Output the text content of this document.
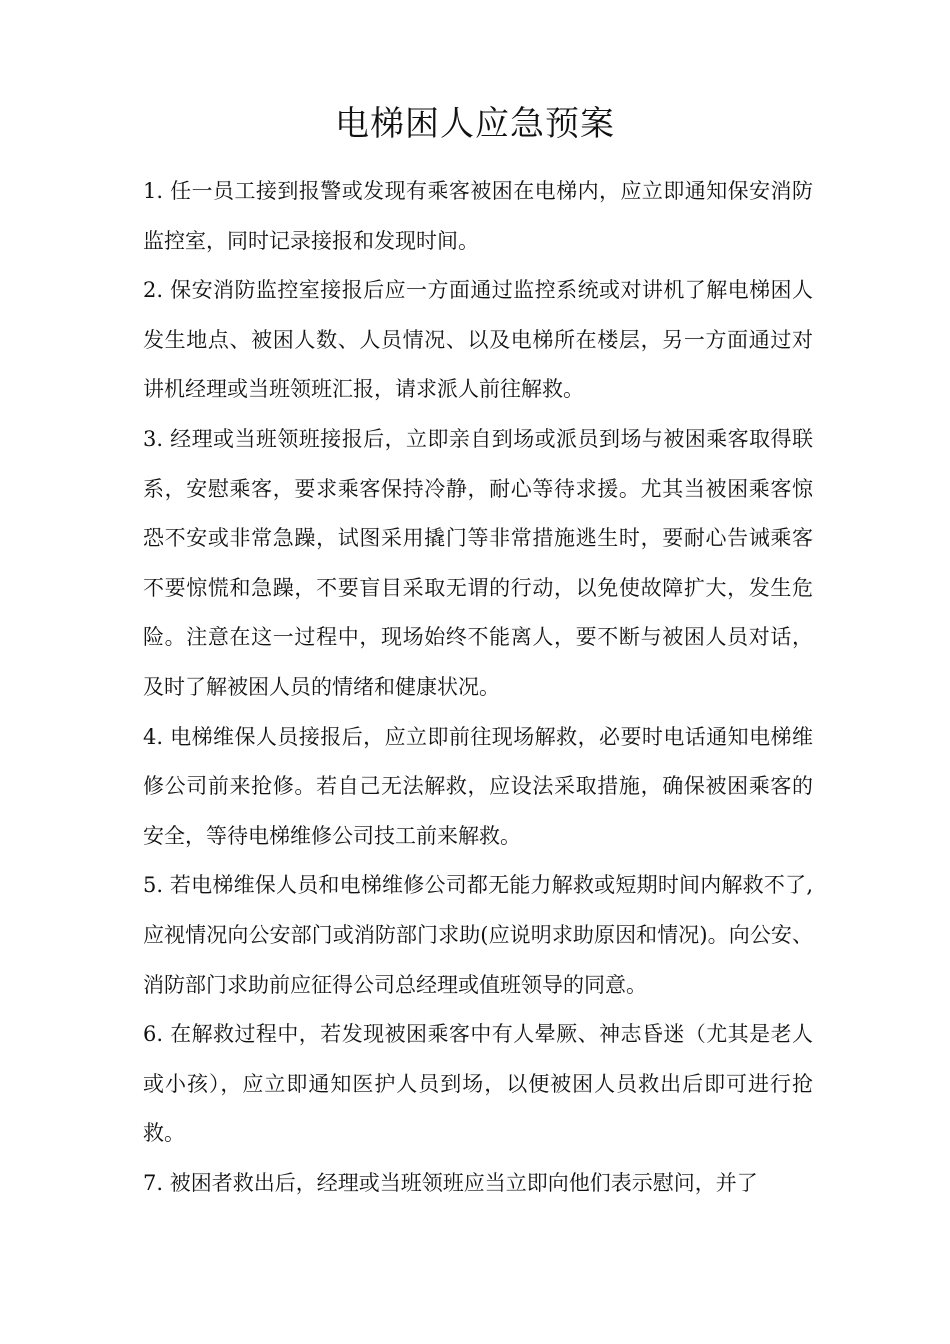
电梯困人应急预案

1. 任一员工接到报警或发现有乘客被困在电梯内，应立即通知保安消防监控室，同时记录接报和发现时间。

2. 保安消防监控室接报后应一方面通过监控系统或对讲机了解电梯困人发生地点、被困人数、人员情况、以及电梯所在楼层，另一方面通过对讲机经理或当班领班汇报，请求派人前往解救。

3. 经理或当班领班接报后，立即亲自到场或派员到场与被困乘客取得联系，安慰乘客，要求乘客保持冷静，耐心等待求援。尤其当被困乘客惊恐不安或非常急躁，试图采用撬门等非常措施逃生时，要耐心告诫乘客不要惊慌和急躁，不要盲目采取无谓的行动，以免使故障扩大，发生危险。注意在这一过程中，现场始终不能离人，要不断与被困人员对话，及时了解被困人员的情绪和健康状况。

4. 电梯维保人员接报后，应立即前往现场解救，必要时电话通知电梯维修公司前来抢修。若自己无法解救，应设法采取措施，确保被困乘客的安全，等待电梯维修公司技工前来解救。

5. 若电梯维保人员和电梯维修公司都无能力解救或短期时间内解救不了,应视情况向公安部门或消防部门求助(应说明求助原因和情况)。向公安、消防部门求助前应征得公司总经理或值班领导的同意。

6. 在解救过程中，若发现被困乘客中有人晕厥、神志昏迷（尤其是老人或小孩），应立即通知医护人员到场，以便被困人员救出后即可进行抢救。

7. 被困者救出后，经理或当班领班应当立即向他们表示慰问，并了
